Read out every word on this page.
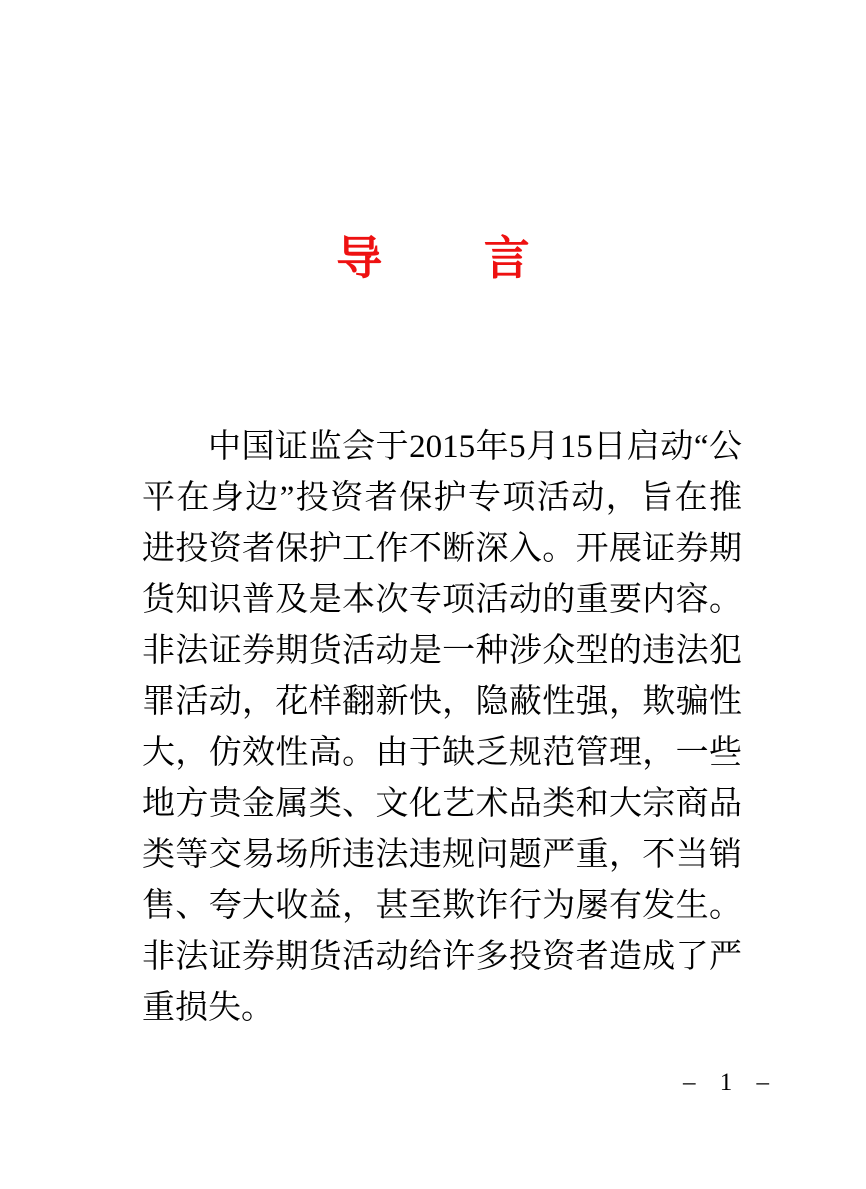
导 言
中国证监会于2015年5月15日启动“公
平在身边”投资者保护专项活动，旨在推
进投资者保护工作不断深入。开展证券期
货知识普及是本次专项活动的重要内容。
非法证券期货活动是一种涉众型的违法犯
罪活动，花样翻新快，隐蔽性强，欺骗性
大，仿效性高。由于缺乏规范管理，一些
地方贵金属类、文化艺术品类和大宗商品
类等交易场所违法违规问题严重，不当销
售、夸大收益，甚至欺诈行为屡有发生。
非法证券期货活动给许多投资者造成了严
重损失。
– 1 –
